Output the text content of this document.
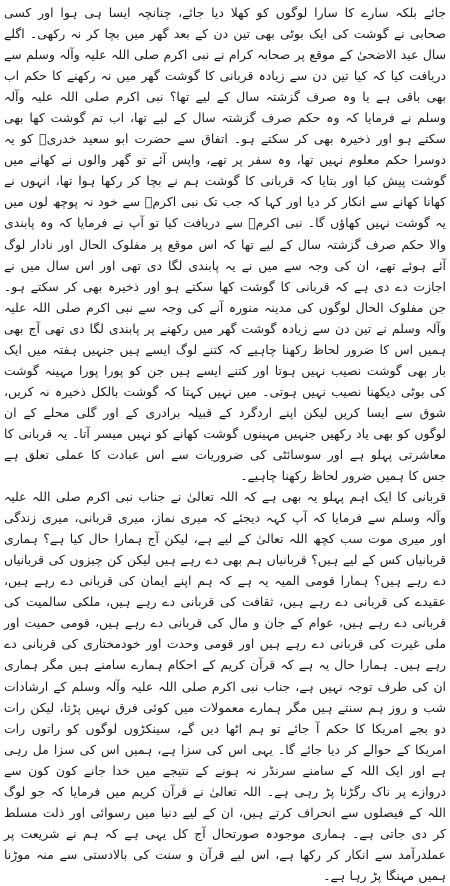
جائے بلکہ سارے کا سارا لوگوں کو کھلا دیا جائے، چنانچہ ایسا ہی ہوا اور کسی صحابی نے گوشت کی ایک بوٹی بھی تین دن کے بعد گھر میں بچا کر نہ رکھی۔ اگلے سال عید الاضحیٰ کے موقع پر صحابہ کرام نے نبی اکرم صلی اللہ علیہ وآلہ وسلم سے دریافت کیا کہ کیا تین دن سے زیادہ قربانی کا گوشت گھر میں نہ رکھنے کا حکم اب بھی باقی ہے یا وہ صرف گزشتہ سال کے لیے تھا؟ نبی اکرم صلی اللہ علیہ وآلہ وسلم نے فرمایا کہ وہ حکم صرف گزشتہ سال کے لیے تھا، اب تم گوشت کھا بھی سکتے ہو اور ذخیرہ بھی کر سکتے ہو۔ اتفاق سے حضرت ابو سعید خدریؓ کو یہ دوسرا حکم معلوم نہیں تھا، وہ سفر پر تھے، واپس آئے تو گھر والوں نے کھانے میں گوشت پیش کیا اور بتایا کہ قربانی کا گوشت ہم نے بچا کر رکھا ہوا تھا، انہوں نے کھانا کھانے سے انکار کر دیا اور کہا کہ جب تک نبی اکرمؐ سے خود نہ پوچھ لوں میں یہ گوشت نہیں کھاؤں گا۔ نبی اکرمؐ سے دریافت کیا تو آپ نے فرمایا کہ وہ پابندی والا حکم صرف گزشتہ سال کے لیے تھا کہ اس موقع پر مفلوک الحال اور نادار لوگ آئے ہوئے تھے، ان کی وجہ سے میں نے یہ پابندی لگا دی تھی اور اس سال میں نے اجازت دے دی ہے کہ قربانی کا گوشت کھا سکتے ہو اور ذخیرہ بھی کر سکتے ہو۔ جن مفلوک الحال لوگوں کی مدینہ منورہ آنے کی وجہ سے نبی اکرم صلی اللہ علیہ وآلہ وسلم نے تین دن سے زیادہ گوشت گھر میں رکھنے پر پابندی لگا دی تھی آج بھی ہمیں اس کا ضرور لحاظ رکھنا چاہیے کہ کتنے لوگ ایسے ہیں جنہیں ہفتہ میں ایک بار بھی گوشت نصیب نہیں ہوتا اور کتنے ایسے ہیں جن کو پورا پورا مہینہ گوشت کی بوٹی دیکھنا نصیب نہیں ہوتی۔ میں نہیں کہتا کہ گوشت بالکل ذخیرہ نہ کریں، شوق سے ایسا کریں لیکن اپنے اردگرد کے قبیلہ برادری کے اور گلی محلے کے ان لوگوں کو بھی یاد رکھیں جنہیں مہینوں گوشت کھانے کو نہیں میسر آتا۔ یہ قربانی کا معاشرتی پہلو ہے اور سوسائٹی کی ضروریات سے اس عبادت کا عملی تعلق ہے جس کا ہمیں ضرور لحاظ رکھنا چاہیے۔

قربانی کا ایک اہم پہلو یہ بھی ہے کہ اللہ تعالیٰ نے جناب نبی اکرم صلی اللہ علیہ وآلہ وسلم سے فرمایا کہ آپ کہہ دیجئے کہ میری نماز، میری قربانی، میری زندگی اور میری موت سب کچھ اللہ تعالیٰ کے لیے ہے، لیکن آج ہمارا حال کیا ہے؟ ہماری قربانیاں کس کے لیے ہیں؟ قربانیاں ہم بھی دے رہے ہیں لیکن کن چیزوں کی قربانیاں دے رہے ہیں؟ ہمارا قومی المیہ یہ ہے کہ ہم اپنے ایمان کی قربانی دے رہے ہیں، عقیدے کی قربانی دے رہے ہیں، ثقافت کی قربانی دے رہے ہیں، ملکی سالمیت کی قربانی دے رہے ہیں، عوام کے جان و مال کی قربانی دے رہے ہیں، قومی حمیت اور ملی غیرت کی قربانی دے رہے ہیں اور قومی وحدت اور خودمختاری کی قربانی دے رہے ہیں۔ ہمارا حال یہ ہے کہ قرآن کریم کے احکام ہمارے سامنے ہیں مگر ہماری ان کی طرف توجہ نہیں ہے، جناب نبی اکرم صلی اللہ علیہ وآلہ وسلم کے ارشادات شب و روز ہم سنتے ہیں مگر ہمارے معمولات میں کوئی فرق نہیں پڑتا، لیکن رات دو بجے امریکا کا حکم آ جائے تو ہم اٹھا دیں گے، سینکڑوں لوگوں کو راتوں رات امریکا کے حوالے کر دیا جائے گا۔ یہی اس کی سزا ہے، ہمیں اس کی سزا مل رہی ہے اور ایک اللہ کے سامنے سرنڈر نہ ہونے کے نتیجے میں خدا جانے کون کون سے دروازے پر ناک رگڑنا پڑ رہی ہے۔ اللہ تعالیٰ نے قرآن کریم میں فرمایا کہ جو لوگ اللہ کے فیصلوں سے انحراف کرتے ہیں، ان کے لیے دنیا میں رسوائی اور ذلت مسلط کر دی جاتی ہے۔ ہماری موجودہ صورتحال آج کل یہی ہے کہ ہم نے شریعت پر عملدرآمد سے انکار کر رکھا ہے، اس لیے قرآن و سنت کی بالادستی سے منہ موڑنا ہمیں مہنگا پڑ رہا ہے۔
